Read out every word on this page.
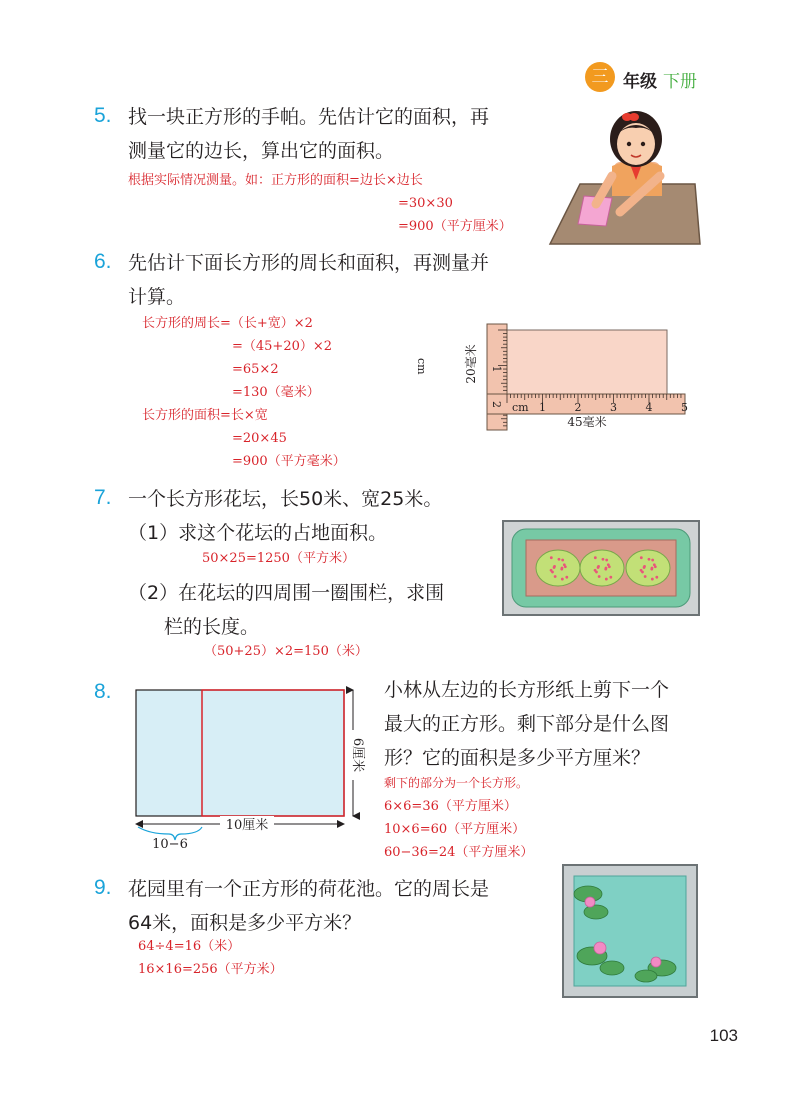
三 年级 下册
5. 找一块正方形的手帕。先估计它的面积，再
测量它的边长，算出它的面积。
根据实际情况测量。如：正方形的面积=边长×边长
=30×30
=900（平方厘米）
6. 先估计下面长方形的周长和面积，再测量并
计算。
长方形的周长=（长+宽）×2
=（45+20）×2
=65×2
=130（毫米）
长方形的面积=长×宽
=20×45
=900（平方毫米）
cm
cm
1	2	3	4	5
1
2
20毫米
45毫米
7. 一个长方形花坛，长50米、宽25米。
（1）求这个花坛的占地面积。
50×25=1250（平方米）
（2）在花坛的四周围一圈围栏，求围
栏的长度。
（50+25）×2=150（米）
8.
6厘米
10厘米
10−6
小林从左边的长方形纸上剪下一个
最大的正方形。剩下部分是什么图
形？它的面积是多少平方厘米？
剩下的部分为一个长方形。
6×6=36（平方厘米）
10×6=60（平方厘米）
60−36=24（平方厘米）
9. 花园里有一个正方形的荷花池。它的周长是
64米，面积是多少平方米？
64÷4=16（米）
16×16=256（平方米）
103
